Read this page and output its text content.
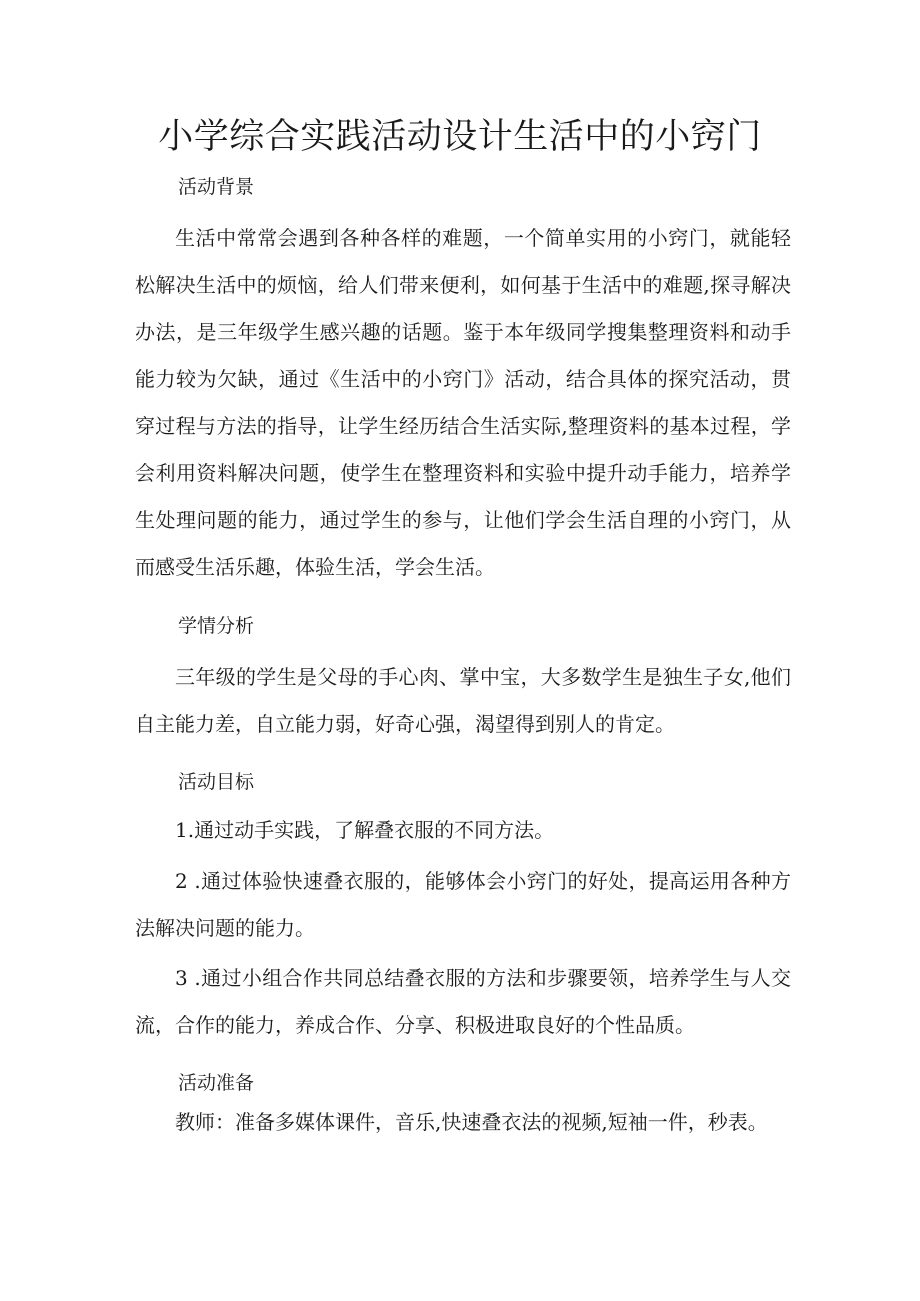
小学综合实践活动设计生活中的小窍门

活动背景

生活中常常会遇到各种各样的难题，一个简单实用的小窍门，就能轻松解决生活中的烦恼，给人们带来便利，如何基于生活中的难题,探寻解决办法，是三年级学生感兴趣的话题。鉴于本年级同学搜集整理资料和动手能力较为欠缺，通过《生活中的小窍门》活动，结合具体的探究活动，贯穿过程与方法的指导，让学生经历结合生活实际,整理资料的基本过程，学会利用资料解决问题，使学生在整理资料和实验中提升动手能力，培养学生处理问题的能力，通过学生的参与，让他们学会生活自理的小窍门，从而感受生活乐趣，体验生活，学会生活。

学情分析

三年级的学生是父母的手心肉、掌中宝，大多数学生是独生子女,他们自主能力差，自立能力弱，好奇心强，渴望得到别人的肯定。

活动目标

1.通过动手实践，了解叠衣服的不同方法。

2 .通过体验快速叠衣服的，能够体会小窍门的好处，提高运用各种方法解决问题的能力。

3 .通过小组合作共同总结叠衣服的方法和步骤要领，培养学生与人交流，合作的能力，养成合作、分享、积极进取良好的个性品质。

活动准备

教师：准备多媒体课件，音乐,快速叠衣法的视频,短袖一件，秒表。
